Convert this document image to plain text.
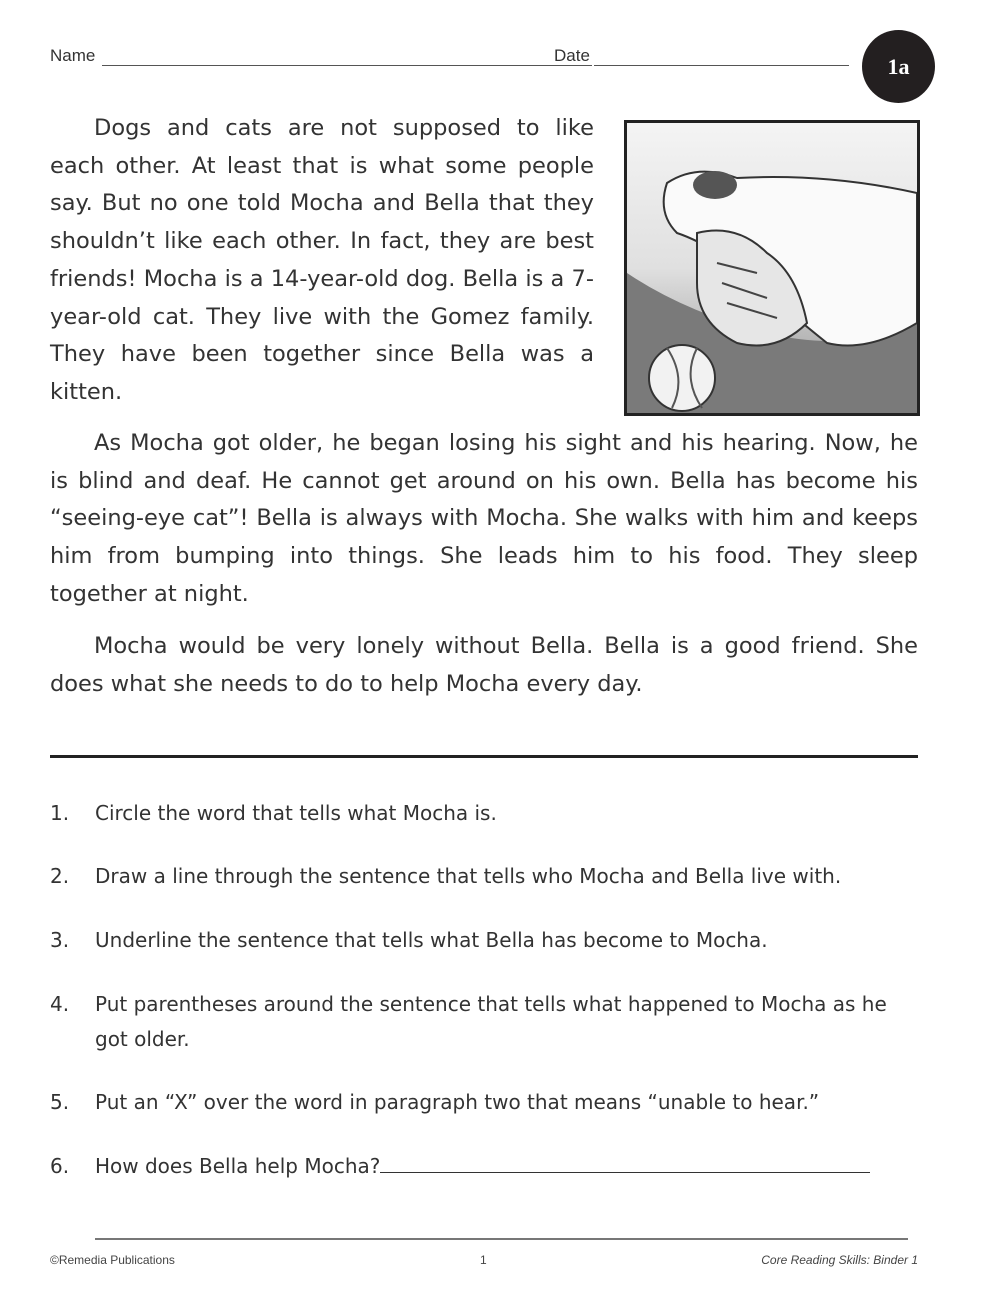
Name	Date	1a

Dogs and cats are not supposed to like each other. At least that is what some people say. But no one told Mocha and Bella that they shouldn’t like each other. In fact, they are best friends! Mocha is a 14-year-old dog. Bella is a 7-year-old cat. They live with the Gomez family. They have been together since Bella was a kitten.

As Mocha got older, he began losing his sight and his hearing. Now, he is blind and deaf. He cannot get around on his own. Bella has become his “seeing-eye cat”! Bella is always with Mocha. She walks with him and keeps him from bumping into things. She leads him to his food. They sleep together at night.

Mocha would be very lonely without Bella. Bella is a good friend. She does what she needs to do to help Mocha every day.

1. Circle the word that tells what Mocha is.
2. Draw a line through the sentence that tells who Mocha and Bella live with.
3. Underline the sentence that tells what Bella has become to Mocha.
4. Put parentheses around the sentence that tells what happened to Mocha as he got older.
5. Put an “X” over the word in paragraph two that means “unable to hear.”
6. How does Bella help Mocha?
©Remedia Publications	1	Core Reading Skills: Binder 1
